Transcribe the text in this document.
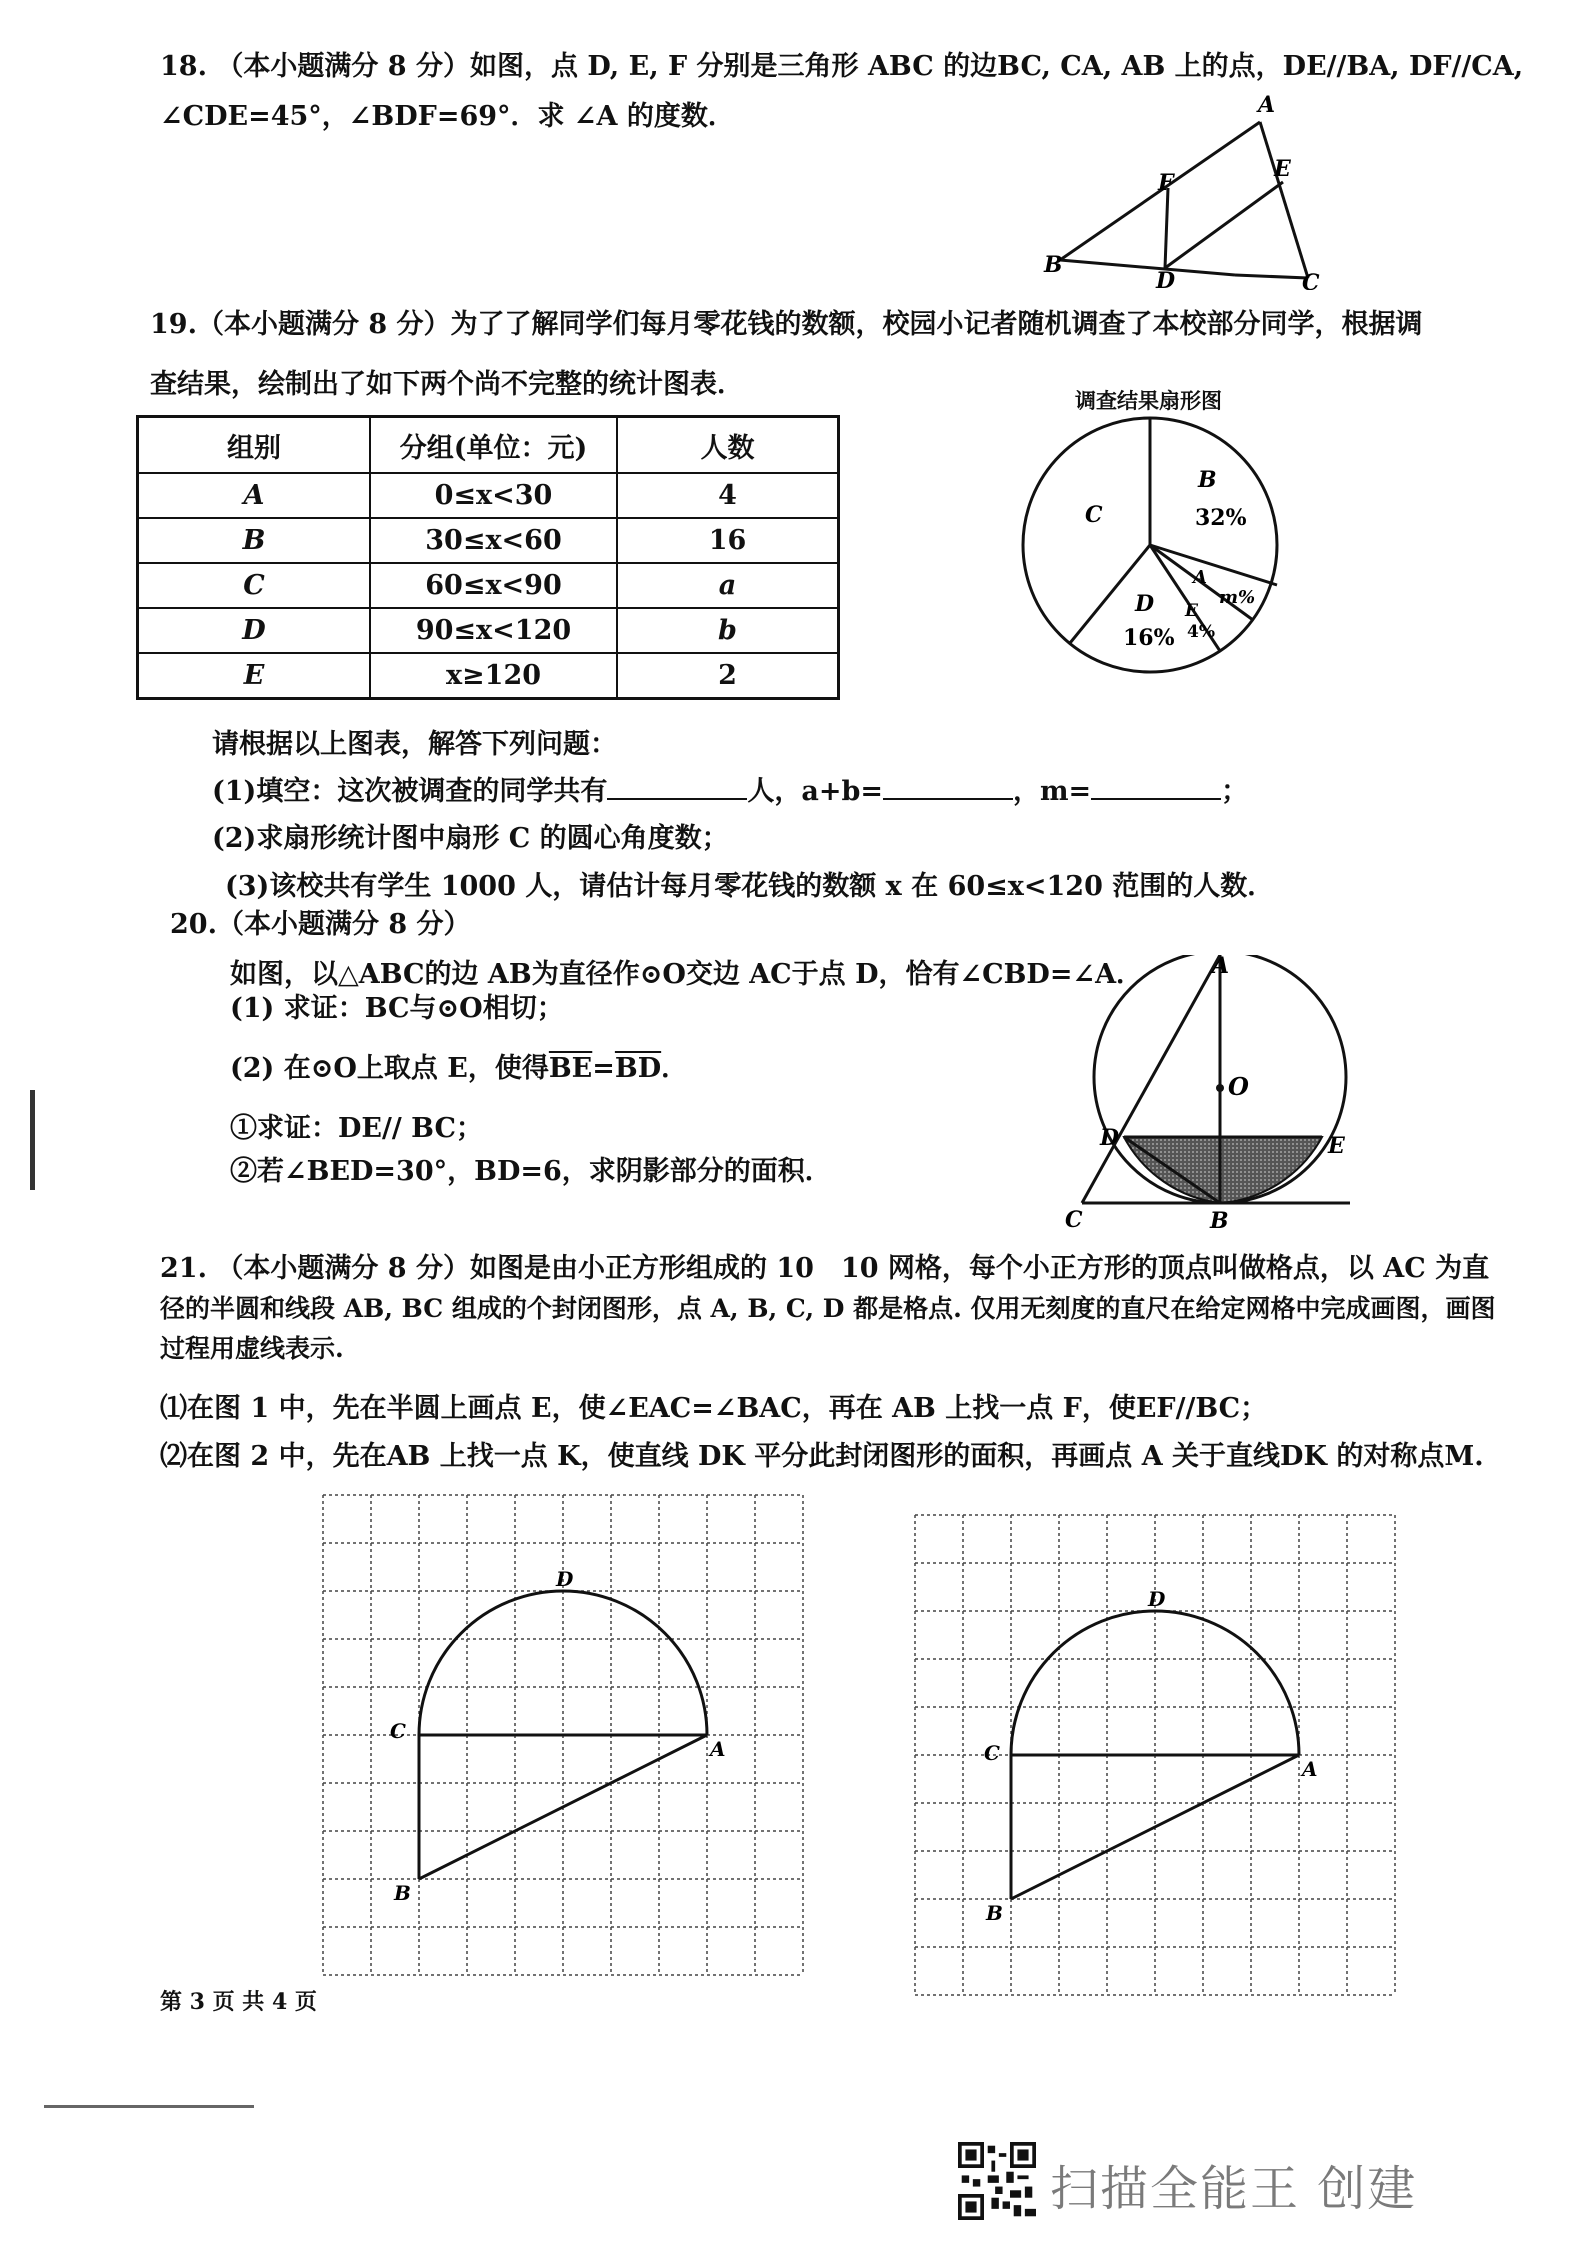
18. （本小题满分 8 分）如图，点 D, E, F 分别是三角形 ABC 的边BC, CA, AB 上的点，DE//BA, DF//CA,
∠CDE=45°，∠BDF=69°．求 ∠A 的度数．	A
B
C
D
E
F
19.（本小题满分 8 分）为了了解同学们每月零花钱的数额，校园小记者随机调查了本校部分同学，根据调
查结果，绘制出了如下两个尚不完整的统计图表．
组别	分组(单位：元)	人数
A	0≤x<30	4
B	30≤x<60	16
C	60≤x<90	a
D	90≤x<120	b
E	x≥120	2
调查结果扇形图
B
32%
C
D
16%
A
m%
E
4%
请根据以上图表，解答下列问题：
(1)填空：这次被调查的同学共有	人，a+b=	，m=	；
(2)求扇形统计图中扇形 C 的圆心角度数；
(3)该校共有学生 1000 人，请估计每月零花钱的数额 x 在 60≤x<120 范围的人数．
20.（本小题满分 8 分）
如图，以△ABC的边 AB为直径作⊙O交边 AC于点 D，恰有∠CBD=∠A．
(1) 求证：BC与⊙O相切；
(2) 在⊙O上取点 E，使得$\overline{BE}=\overline{BD}$．
①求证：DE// BC；
②若∠BED=30°，BD=6，求阴影部分的面积．
A
O
D	E
C	B
21. （本小题满分 8 分）如图是由小正方形组成的 10　10 网格，每个小正方形的顶点叫做格点，以 AC 为直
径的半圆和线段 AB, BC 组成的个封闭图形，点 A, B, C, D 都是格点. 仅用无刻度的直尺在给定网格中完成画图，画图
过程用虚线表示.
⑴在图 1 中，先在半圆上画点 E，使∠EAC=∠BAC，再在 AB 上找一点 F，使EF//BC；
⑵在图 2 中，先在AB 上找一点 K，使直线 DK 平分此封闭图形的面积，再画点 A 关于直线DK 的对称点M.
D
C
A
B
D
C
A
B
第 3 页 共 4 页
扫描全能王 创建
